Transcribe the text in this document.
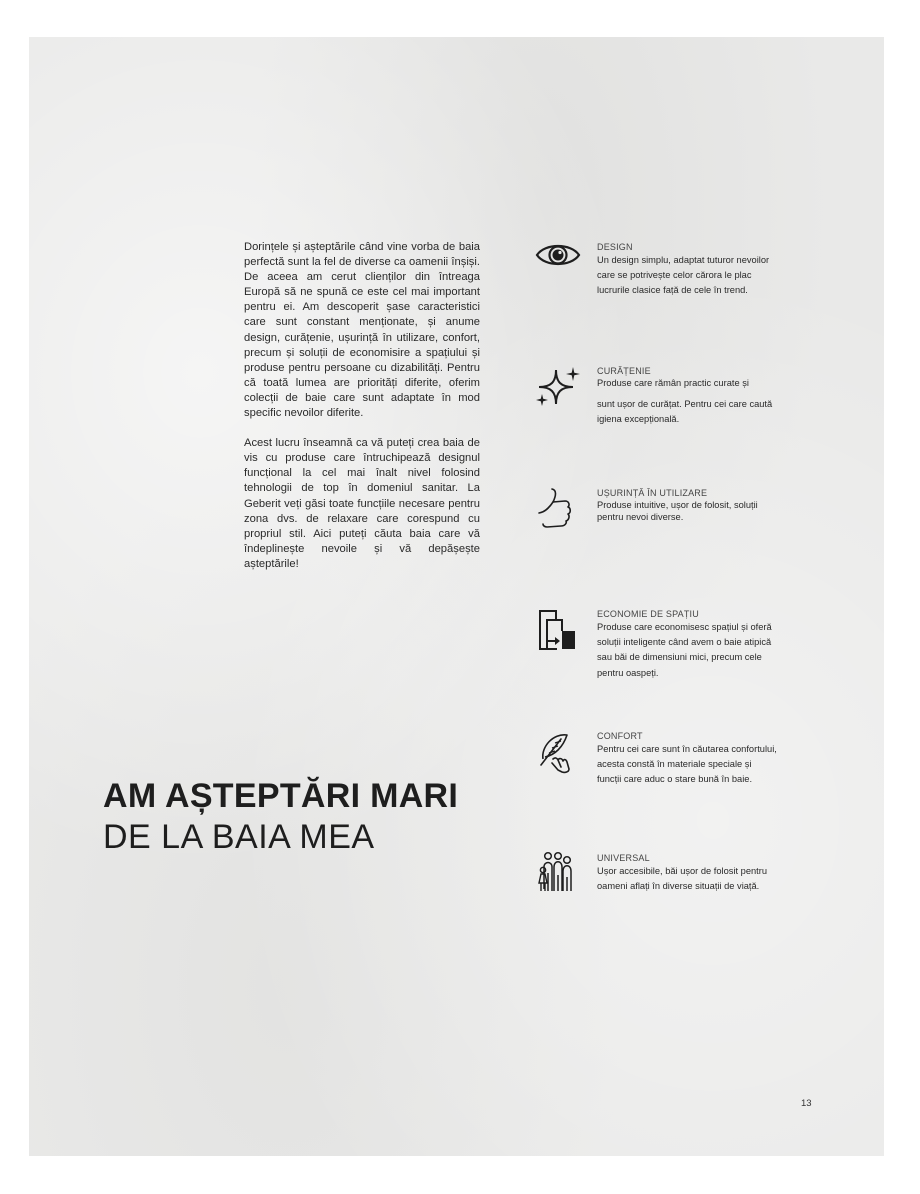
Dorințele și așteptările când vine vorba de baia perfectă sunt la fel de diverse ca oamenii înșiși. De aceea am cerut clienților din întreaga Europă să ne spună ce este cel mai important pentru ei. Am descoperit șase caracteristici care sunt constant menționate, și anume design, curățenie, ușurință în utilizare, confort, precum și soluții de economisire a spațiului și produse pentru persoane cu dizabilități. Pentru că toată lumea are priorități diferite, oferim colecții de baie care sunt adaptate în mod specific nevoilor diferite.

Acest lucru înseamnă ca vă puteți crea baia de vis cu produse care întruchipează designul funcțional la cel mai înalt nivel folosind tehnologii de top în domeniul sanitar. La Geberit veți găsi toate funcțiile necesare pentru zona dvs. de relaxare care corespund cu propriul stil. Aici puteți căuta baia care vă îndeplinește nevoile și vă depășește așteptările!

AM AȘTEPTĂRI MARI
DE LA BAIA MEA
DESIGN
Un design simplu, adaptat tuturor nevoilor care se potrivește celor cărora le plac lucrurile clasice față de cele în trend.
CURĂȚENIE
Produse care rămân practic curate și
sunt ușor de curățat. Pentru cei care caută igiena excepțională.
UȘURINȚĂ ÎN UTILIZARE
Produse intuitive, ușor de folosit, soluții pentru nevoi diverse.
ECONOMIE DE SPAȚIU
Produse care economisesc spațiul și oferă soluții inteligente când avem o baie atipică sau băi de dimensiuni mici, precum cele pentru oaspeți.
CONFORT
Pentru cei care sunt în căutarea confortului, acesta constă în materiale speciale și funcții care aduc o stare bună în baie.
UNIVERSAL
Ușor accesibile, băi ușor de folosit pentru oameni aflați în diverse situații de viață.
13
